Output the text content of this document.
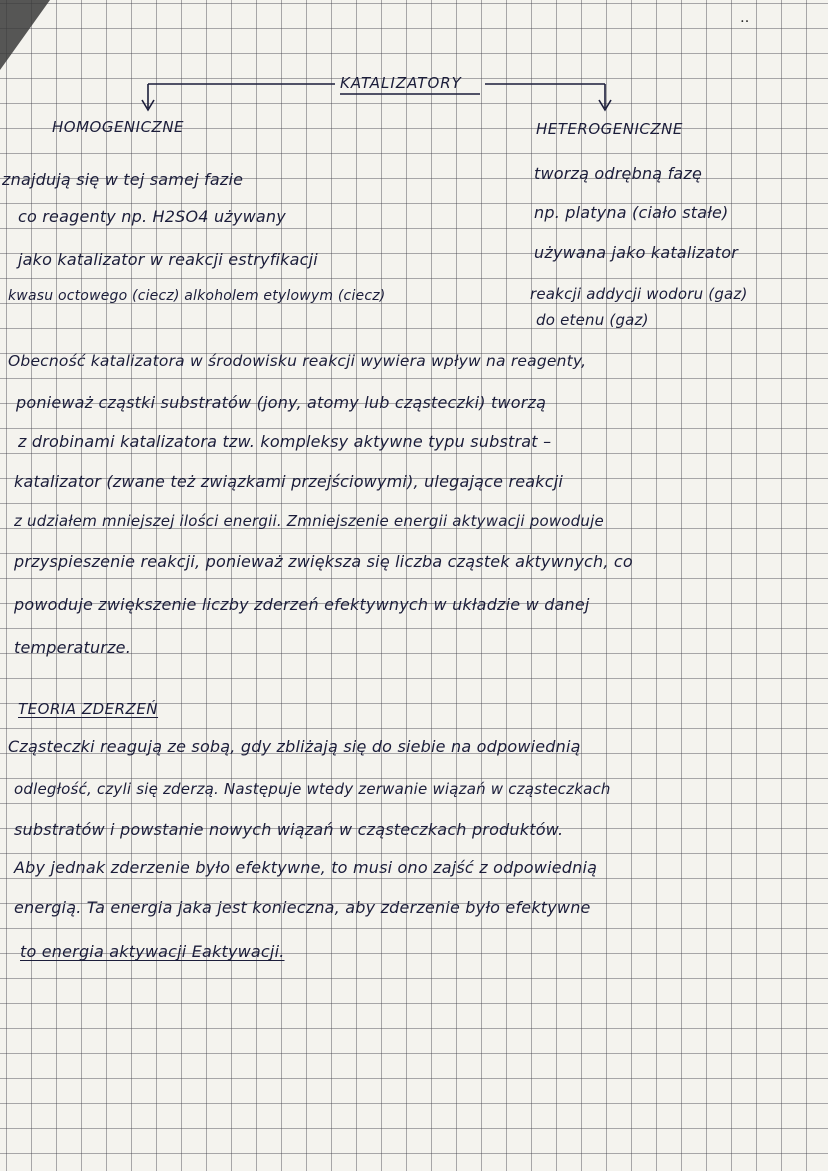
‥
KATALIZATORY
HOMOGENICZNE	HETEROGENICZNE
znajdują się w tej samej fazie
co reagenty np. H2SO4 używany
jako katalizator w reakcji estryfikacji
kwasu octowego (ciecz) alkoholem etylowym (ciecz)
tworzą odrębną fazę
np. platyna (ciało stałe)
używana jako katalizator
reakcji addycji wodoru (gaz)
do etenu (gaz)
Obecność katalizatora w środowisku reakcji wywiera wpływ na reagenty,
ponieważ cząstki substratów (jony, atomy lub cząsteczki) tworzą
z drobinami katalizatora tzw. kompleksy aktywne typu substrat –
katalizator (zwane też związkami przejściowymi), ulegające reakcji
z udziałem mniejszej ilości energii. Zmniejszenie energii aktywacji powoduje
przyspieszenie reakcji, ponieważ zwiększa się liczba cząstek aktywnych, co
powoduje zwiększenie liczby zderzeń efektywnych w układzie w danej
temperaturze.
TEORIA ZDERZEŃ
Cząsteczki reagują ze sobą, gdy zbliżają się do siebie na odpowiednią
odległość, czyli się zderzą. Następuje wtedy zerwanie wiązań w cząsteczkach
substratów i powstanie nowych wiązań w cząsteczkach produktów.
Aby jednak zderzenie było efektywne, to musi ono zajść z odpowiednią
energią. Ta energia jaka jest konieczna, aby zderzenie było efektywne
to energia aktywacji Eaktywacji.
